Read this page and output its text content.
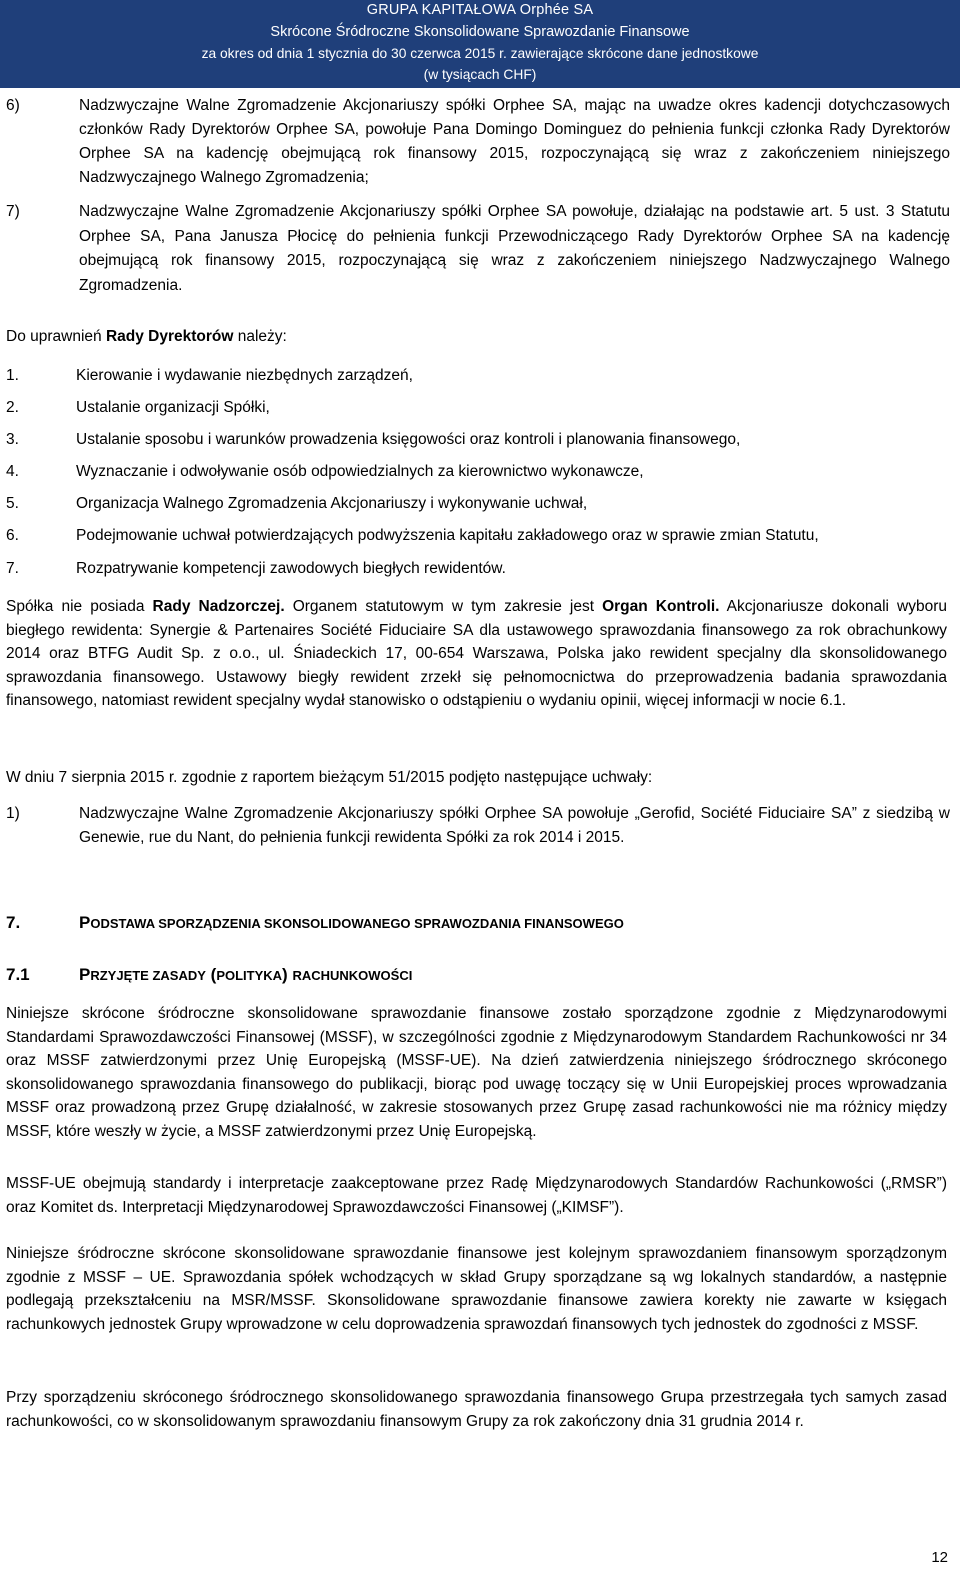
GRUPA KAPITAŁOWA Orphée SA
Skrócone Śródroczne Skonsolidowane Sprawozdanie Finansowe
za okres od dnia 1 stycznia do 30 czerwca 2015 r. zawierające skrócone dane jednostkowe
(w tysiącach CHF)
6)	Nadzwyczajne Walne Zgromadzenie Akcjonariuszy spółki Orphee SA, mając na uwadze okres kadencji dotychczasowych członków Rady Dyrektorów Orphee SA, powołuje Pana Domingo Dominguez do pełnienia funkcji członka Rady Dyrektorów Orphee SA na kadencję obejmującą rok finansowy 2015, rozpoczynającą się wraz z zakończeniem niniejszego Nadzwyczajnego Walnego Zgromadzenia;
7)	Nadzwyczajne Walne Zgromadzenie Akcjonariuszy spółki Orphee SA powołuje, działając na podstawie art. 5 ust. 3 Statutu Orphee SA, Pana Janusza Płocicę do pełnienia funkcji Przewodniczącego Rady Dyrektorów Orphee SA na kadencję obejmującą rok finansowy 2015, rozpoczynającą się wraz z zakończeniem niniejszego Nadzwyczajnego Walnego Zgromadzenia.
Do uprawnień Rady Dyrektorów należy:
1.	Kierowanie i wydawanie niezbędnych zarządzeń,
2.	Ustalanie organizacji Spółki,
3.	Ustalanie sposobu i warunków prowadzenia księgowości oraz kontroli i planowania finansowego,
4.	Wyznaczanie i odwoływanie osób odpowiedzialnych za kierownictwo wykonawcze,
5.	Organizacja Walnego Zgromadzenia Akcjonariuszy i wykonywanie uchwał,
6.	Podejmowanie uchwał potwierdzających podwyższenia kapitału zakładowego oraz w sprawie zmian Statutu,
7.	Rozpatrywanie kompetencji zawodowych biegłych rewidentów.
Spółka nie posiada Rady Nadzorczej. Organem statutowym w tym zakresie jest Organ Kontroli. Akcjonariusze dokonali wyboru biegłego rewidenta: Synergie & Partenaires Société Fiduciaire SA dla ustawowego sprawozdania finansowego za rok obrachunkowy 2014 oraz BTFG Audit Sp. z o.o., ul. Śniadeckich 17, 00-654 Warszawa, Polska jako rewident specjalny dla skonsolidowanego sprawozdania finansowego. Ustawowy biegły rewident zrzekł się pełnomocnictwa do przeprowadzenia badania sprawozdania finansowego, natomiast rewident specjalny wydał stanowisko o odstąpieniu o wydaniu opinii, więcej informacji w nocie 6.1.
W dniu 7 sierpnia 2015 r. zgodnie z raportem bieżącym 51/2015 podjęto następujące uchwały:
1)	Nadzwyczajne Walne Zgromadzenie Akcjonariuszy spółki Orphee SA powołuje „Gerofid, Société Fiduciaire SA” z siedzibą w Genewie, rue du Nant, do pełnienia funkcji rewidenta Spółki za rok 2014 i 2015.
7.	PODSTAWA SPORZĄDZENIA SKONSOLIDOWANEGO SPRAWOZDANIA FINANSOWEGO
7.1	PRZYJĘTE ZASADY (POLITYKA) RACHUNKOWOŚCI
Niniejsze skrócone śródroczne skonsolidowane sprawozdanie finansowe zostało sporządzone zgodnie z Międzynarodowymi Standardami Sprawozdawczości Finansowej (MSSF), w szczególności zgodnie z Międzynarodowym Standardem Rachunkowości nr 34 oraz MSSF zatwierdzonymi przez Unię Europejską (MSSF-UE). Na dzień zatwierdzenia niniejszego śródrocznego skróconego skonsolidowanego sprawozdania finansowego do publikacji, biorąc pod uwagę toczący się w Unii Europejskiej proces wprowadzania MSSF oraz prowadzoną przez Grupę działalność, w zakresie stosowanych przez Grupę zasad rachunkowości nie ma różnicy między MSSF, które weszły w życie, a MSSF zatwierdzonymi przez Unię Europejską.
MSSF-UE obejmują standardy i interpretacje zaakceptowane przez Radę Międzynarodowych Standardów Rachunkowości („RMSR”) oraz Komitet ds. Interpretacji Międzynarodowej Sprawozdawczości Finansowej („KIMSF”).
Niniejsze śródroczne skrócone skonsolidowane sprawozdanie finansowe jest kolejnym sprawozdaniem finansowym sporządzonym zgodnie z MSSF – UE. Sprawozdania spółek wchodzących w skład Grupy sporządzane są wg lokalnych standardów, a następnie podlegają przekształceniu na MSR/MSSF. Skonsolidowane sprawozdanie finansowe zawiera korekty nie zawarte w księgach rachunkowych jednostek Grupy wprowadzone w celu doprowadzenia sprawozdań finansowych tych jednostek do zgodności z MSSF.
Przy sporządzeniu skróconego śródrocznego skonsolidowanego sprawozdania finansowego Grupa przestrzegała tych samych zasad rachunkowości, co w skonsolidowanym sprawozdaniu finansowym Grupy za rok zakończony dnia 31 grudnia 2014 r.
12
